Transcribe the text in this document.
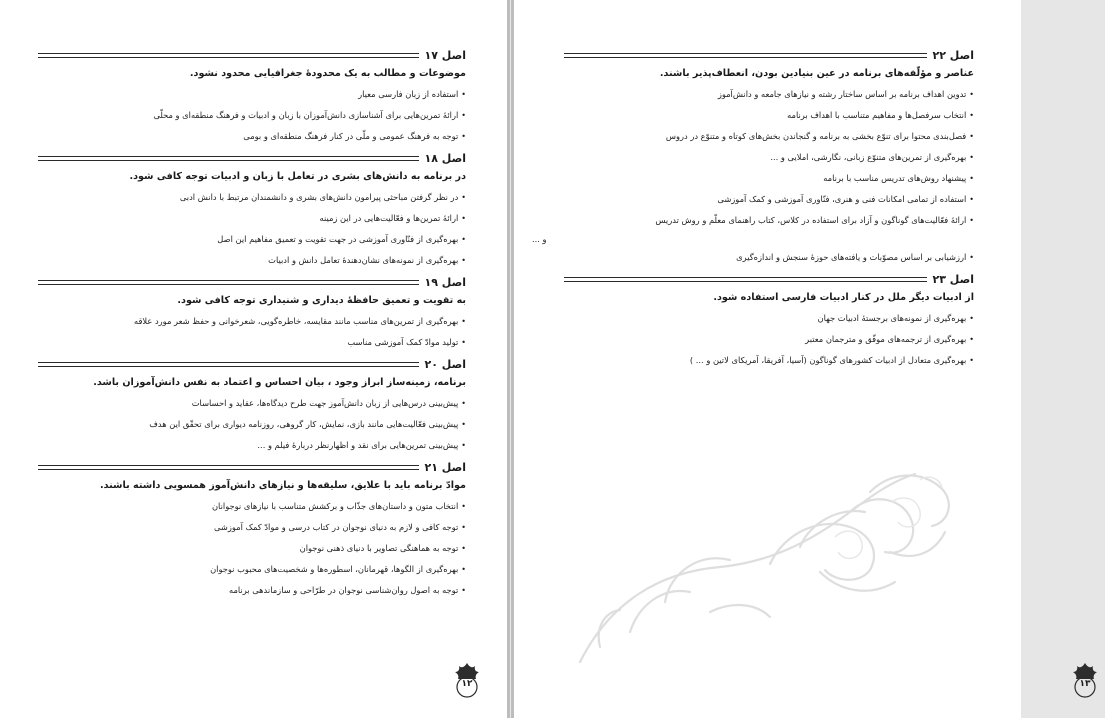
اصل ۱۷
موضوعات و مطالب به یک محدودهٔ جغرافیایی محدود نشود.
•استفاده از زبان فارسی معیار
•ارائهٔ تمرین‌هایی برای آشناسازی دانش‌آموزان با زبان و ادبیات و فرهنگ منطقه‌ای و محلّی
•توجه به فرهنگ عمومی و ملّی در کنار فرهنگ منطقه‌ای و بومی
اصل ۱۸
در برنامه به دانش‌های بشری در تعامل با زبان و ادبیات توجه کافی شود.
•در نظر گرفتن مباحثی پیرامون دانش‌های بشری و دانشمندان مرتبط با دانش ادبی
•ارائهٔ تمرین‌ها و فعّالیت‌هایی در این زمینه
•بهره‌گیری از فنّاوری آموزشی در جهت تقویت و تعمیق مفاهیم این اصل
•بهره‌گیری از نمونه‌های نشان‌دهندهٔ تعامل دانش و ادبیات
اصل ۱۹
به تقویت و تعمیق حافظهٔ دیداری و شنیداری توجه کافی شود.
•بهره‌گیری از تمرین‌های مناسب مانند مقایسه، خاطره‌گویی، شعرخوانی و حفظ شعر مورد علاقه
•تولید موادّ کمک آموزشی مناسب
اصل ۲۰
برنامه، زمینه‌ساز ابراز وجود ، بیان احساس و اعتماد به نفس دانش‌آموزان باشد.
•پیش‌بینی درس‌هایی از زبان دانش‌آموز جهت طرح دیدگاه‌ها، عقاید و احساسات
•پیش‌بینی فعّالیت‌هایی مانند بازی، نمایش، کار گروهی، روزنامه دیواری برای تحقّق این هدف
•پیش‌بینی تمرین‌هایی برای نقد و اظهارنظر دربارهٔ فیلم و ...
اصل ۲۱
موادّ برنامه باید با علایق، سلیقه‌ها و نیازهای دانش‌آموز همسویی داشته باشند.
•انتخاب متون و داستان‌های جذّاب و برکشش متناسب با نیازهای نوجوانان
•توجه کافی و لازم به دنیای نوجوان در کتاب درسی و موادّ کمک آموزشی
•توجه به هماهنگی تصاویر با دنیای ذهنی نوجوان
•بهره‌گیری از الگوها، قهرمانان، اسطوره‌ها و شخصیت‌های محبوب نوجوان
•توجه به اصول روان‌شناسی نوجوان در طرّاحی و سازماندهی برنامه
۱۲
اصل ۲۲
عناصر و مؤلّفه‌های برنامه در عین بنیادین بودن، انعطاف‌پذیر باشند.
•تدوین اهداف برنامه بر اساس ساختار رشته و نیازهای جامعه و دانش‌آموز
•انتخاب سرفصل‌ها و مفاهیم متناسب با اهداف برنامه
•فصل‌بندی محتوا برای تنوّع بخشی به برنامه و گنجاندن بخش‌های کوتاه و متنوّع در دروس
•بهره‌گیری از تمرین‌های متنوّع زبانی، نگارشی، املایی و ...
•پیشنهاد روش‌های تدریس مناسب با برنامه
•استفاده از تمامی امکانات فنی و هنری، فنّاوری آموزشی و کمک آموزشی
•ارائهٔ فعّالیت‌های گوناگون و آزاد برای استفاده در کلاس، کتاب راهنمای معلّم و روش تدریس
و ...
•ارزشیابی بر اساس مصوّبات و یافته‌های حوزهٔ سنجش و اندازه‌گیری
اصل ۲۳
از ادبیات دیگر ملل در کنار ادبیات فارسی استفاده شود.
•بهره‌گیری از نمونه‌های برجستهٔ ادبیات جهان
•بهره‌گیری از ترجمه‌های موفّق و مترجمان معتبر
•بهره‌گیری متعادل از ادبیات کشورهای گوناگون (آسیا، آفریقا، آمریکای لاتین و ... )
۱۳
